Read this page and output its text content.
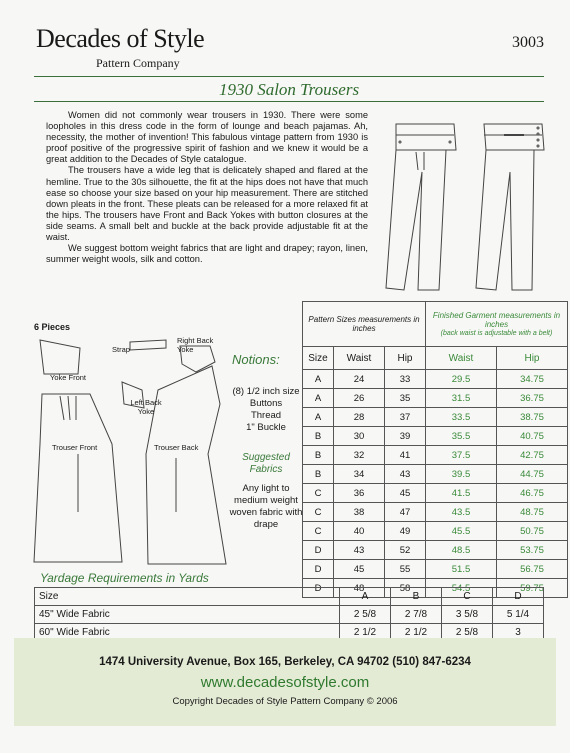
Decades of Style
Pattern Company
3003
1930 Salon Trousers

Women did not commonly wear trousers in 1930. There were some loopholes in this dress code in the form of lounge and beach pajamas. Ah, necessity, the mother of invention! This fabulous vintage pattern from 1930 is proof positive of the progressive spirit of fashion and we knew it would be a great addition to the Decades of Style catalogue.

The trousers have a wide leg that is delicately shaped and flared at the hemline. True to the 30s silhouette, the fit at the hips does not have that much ease so choose your size based on your hip measurement. There are stitched down pleats in the front. These pleats can be released for a more relaxed fit at the hips. The trousers have Front and Back Yokes with button closures at the side seams. A small belt and buckle at the back provide adjustable fit at the waist.

We suggest bottom weight fabrics that are light and drapey; rayon, linen, summer weight wools, silk and cotton.

6 Pieces
Yoke Front
Strap
Right Back Yoke
Left Back Yoke
Trouser Front	Trouser Back
Notions:
(8) 1/2 inch size
Buttons
Thread
1" Buckle
Suggested Fabrics
Any light to medium weight woven fabric with drape
Pattern Sizes measurements in inches			Finished Garment measurements in inches
(back waist is adjustable with a belt)	

Size	Waist	Hip	Waist	Hip
A	24	33	29.5	34.75
A	26	35	31.5	36.75
A	28	37	33.5	38.75
B	30	39	35.5	40.75
B	32	41	37.5	42.75
B	34	43	39.5	44.75
C	36	45	41.5	46.75
C	38	47	43.5	48.75
C	40	49	45.5	50.75
D	43	52	48.5	53.75
D	45	55	51.5	56.75
D	48	58	54.5	59.75
Yardage Requirements in Yards
Size	A	B	C	D
45" Wide Fabric	2 5/8	2 7/8	3 5/8	5 1/4
60" Wide Fabric	2 1/2	2 1/2	2 5/8	3
1474 University Avenue, Box 165, Berkeley, CA 94702 (510) 847-6234
www.decadesofstyle.com
Copyright Decades of Style Pattern Company © 2006
